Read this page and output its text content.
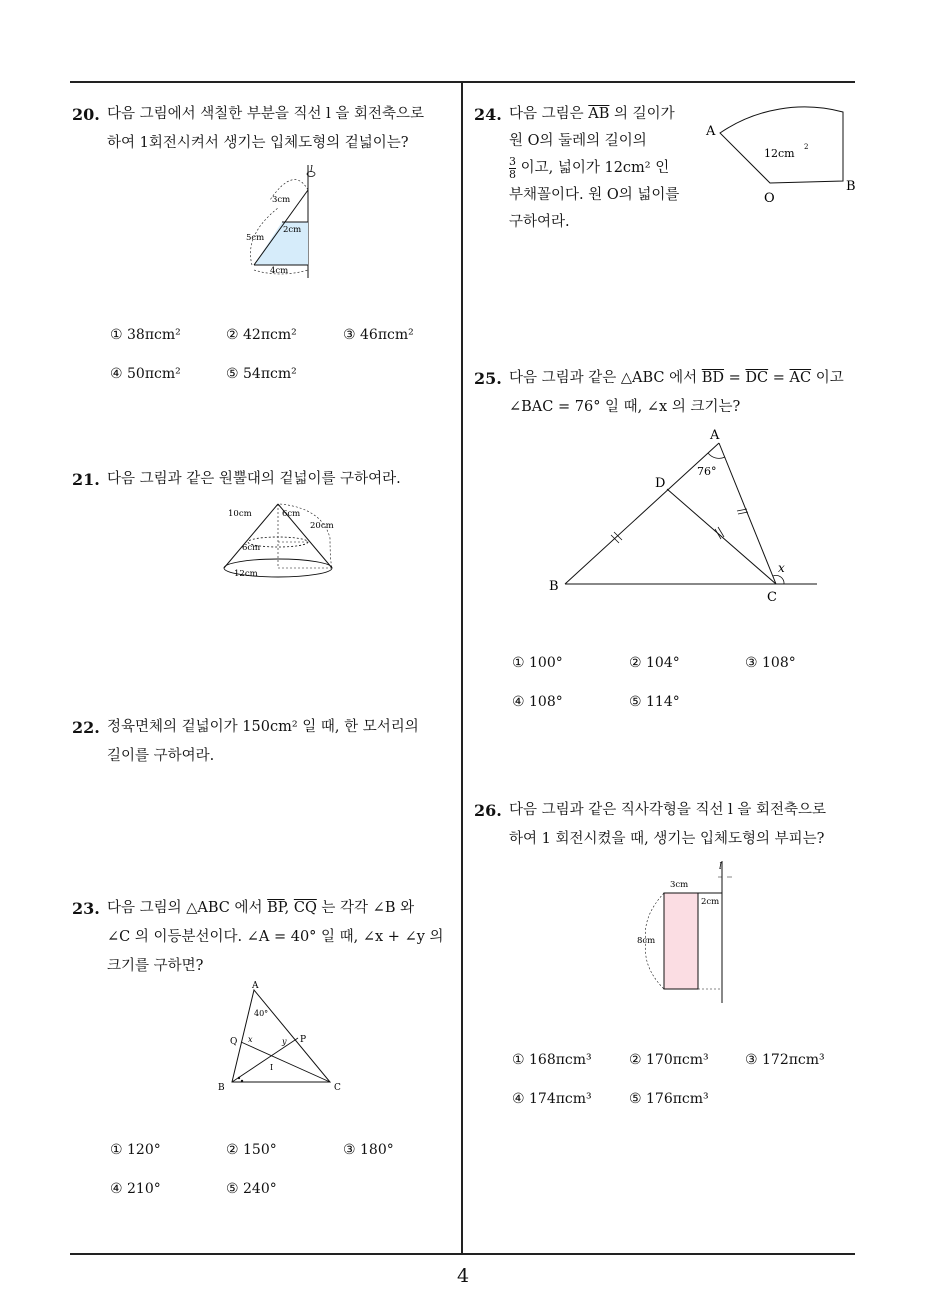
20. 다음 그림에서 색칠한 부분을 직선 l 을 회전축으로
하여 1회전시켜서 생기는 입체도형의 겉넓이는?
l
3cm
2cm
5cm
4cm
① 38πcm²	② 42πcm²	③ 46πcm²
④ 50πcm²	⑤ 54πcm²
21. 다음 그림과 같은 원뿔대의 겉넓이를 구하여라.
10cm	6cm
20cm
6cm
12cm
22. 정육면체의 겉넓이가 150cm² 일 때, 한 모서리의
길이를 구하여라.
23. 다음 그림의 △ABC 에서 $\overline{BP}$, $\overline{CQ}$ 는 각각 ∠B 와
∠C 의 이등분선이다. ∠A = 40° 일 때, ∠x + ∠y 의
크기를 구하면?
A
B	C
P
Q
I
40°
x	y
① 120°	② 150°	③ 180°
④ 210°	⑤ 240°
24. 다음 그림은 $\overline{AB}$ 의 길이가
원 O의 둘레의 길이의
$\frac{3}{8}$ 이고, 넓이가 12cm² 인
부채꼴이다. 원 O의 넓이를
구하여라.
A
B
O
12cm 2
25. 다음 그림과 같은 △ABC 에서 $\overline{BD} = \overline{DC} = \overline{AC}$ 이고
∠BAC = 76° 일 때, ∠x 의 크기는?
A
B
C
D
76°
x
① 100°	② 104°	③ 108°
④ 108°	⑤ 114°
26. 다음 그림과 같은 직사각형을 직선 l 을 회전축으로
하여 1 회전시켰을 때, 생기는 입체도형의 부피는?
l
3cm
2cm
8cm
① 168πcm³	② 170πcm³	③ 172πcm³
④ 174πcm³	⑤ 176πcm³
4
